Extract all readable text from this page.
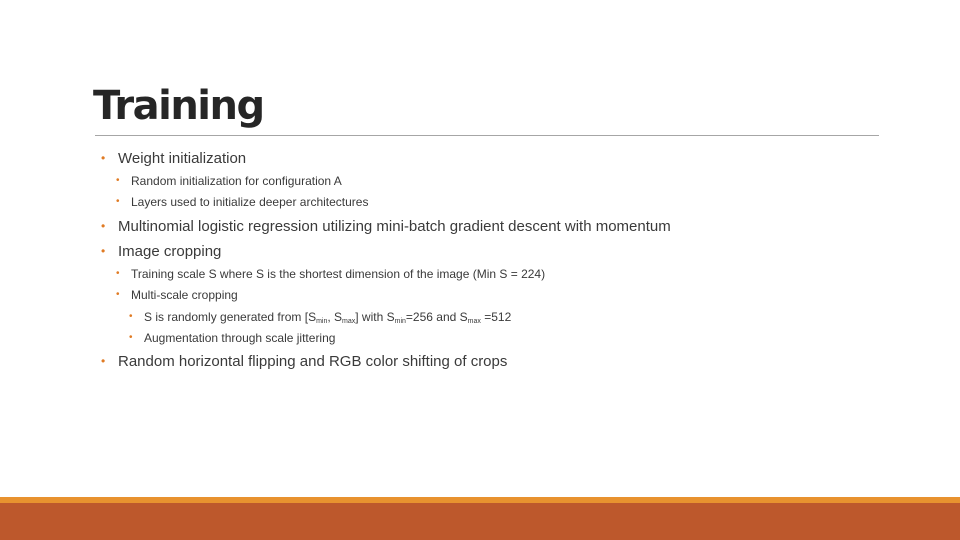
Training
• Weight initialization
• Random initialization for configuration A
• Layers used to initialize deeper architectures
• Multinomial logistic regression utilizing mini-batch gradient descent with momentum
• Image cropping
• Training scale S where S is the shortest dimension of the image (Min S = 224)
• Multi-scale cropping
• S is randomly generated from [$S_{min}$, $S_{max}$] with $S_{min}=256$ and $S_{max} =512$
• Augmentation through scale jittering
• Random horizontal flipping and RGB color shifting of crops
